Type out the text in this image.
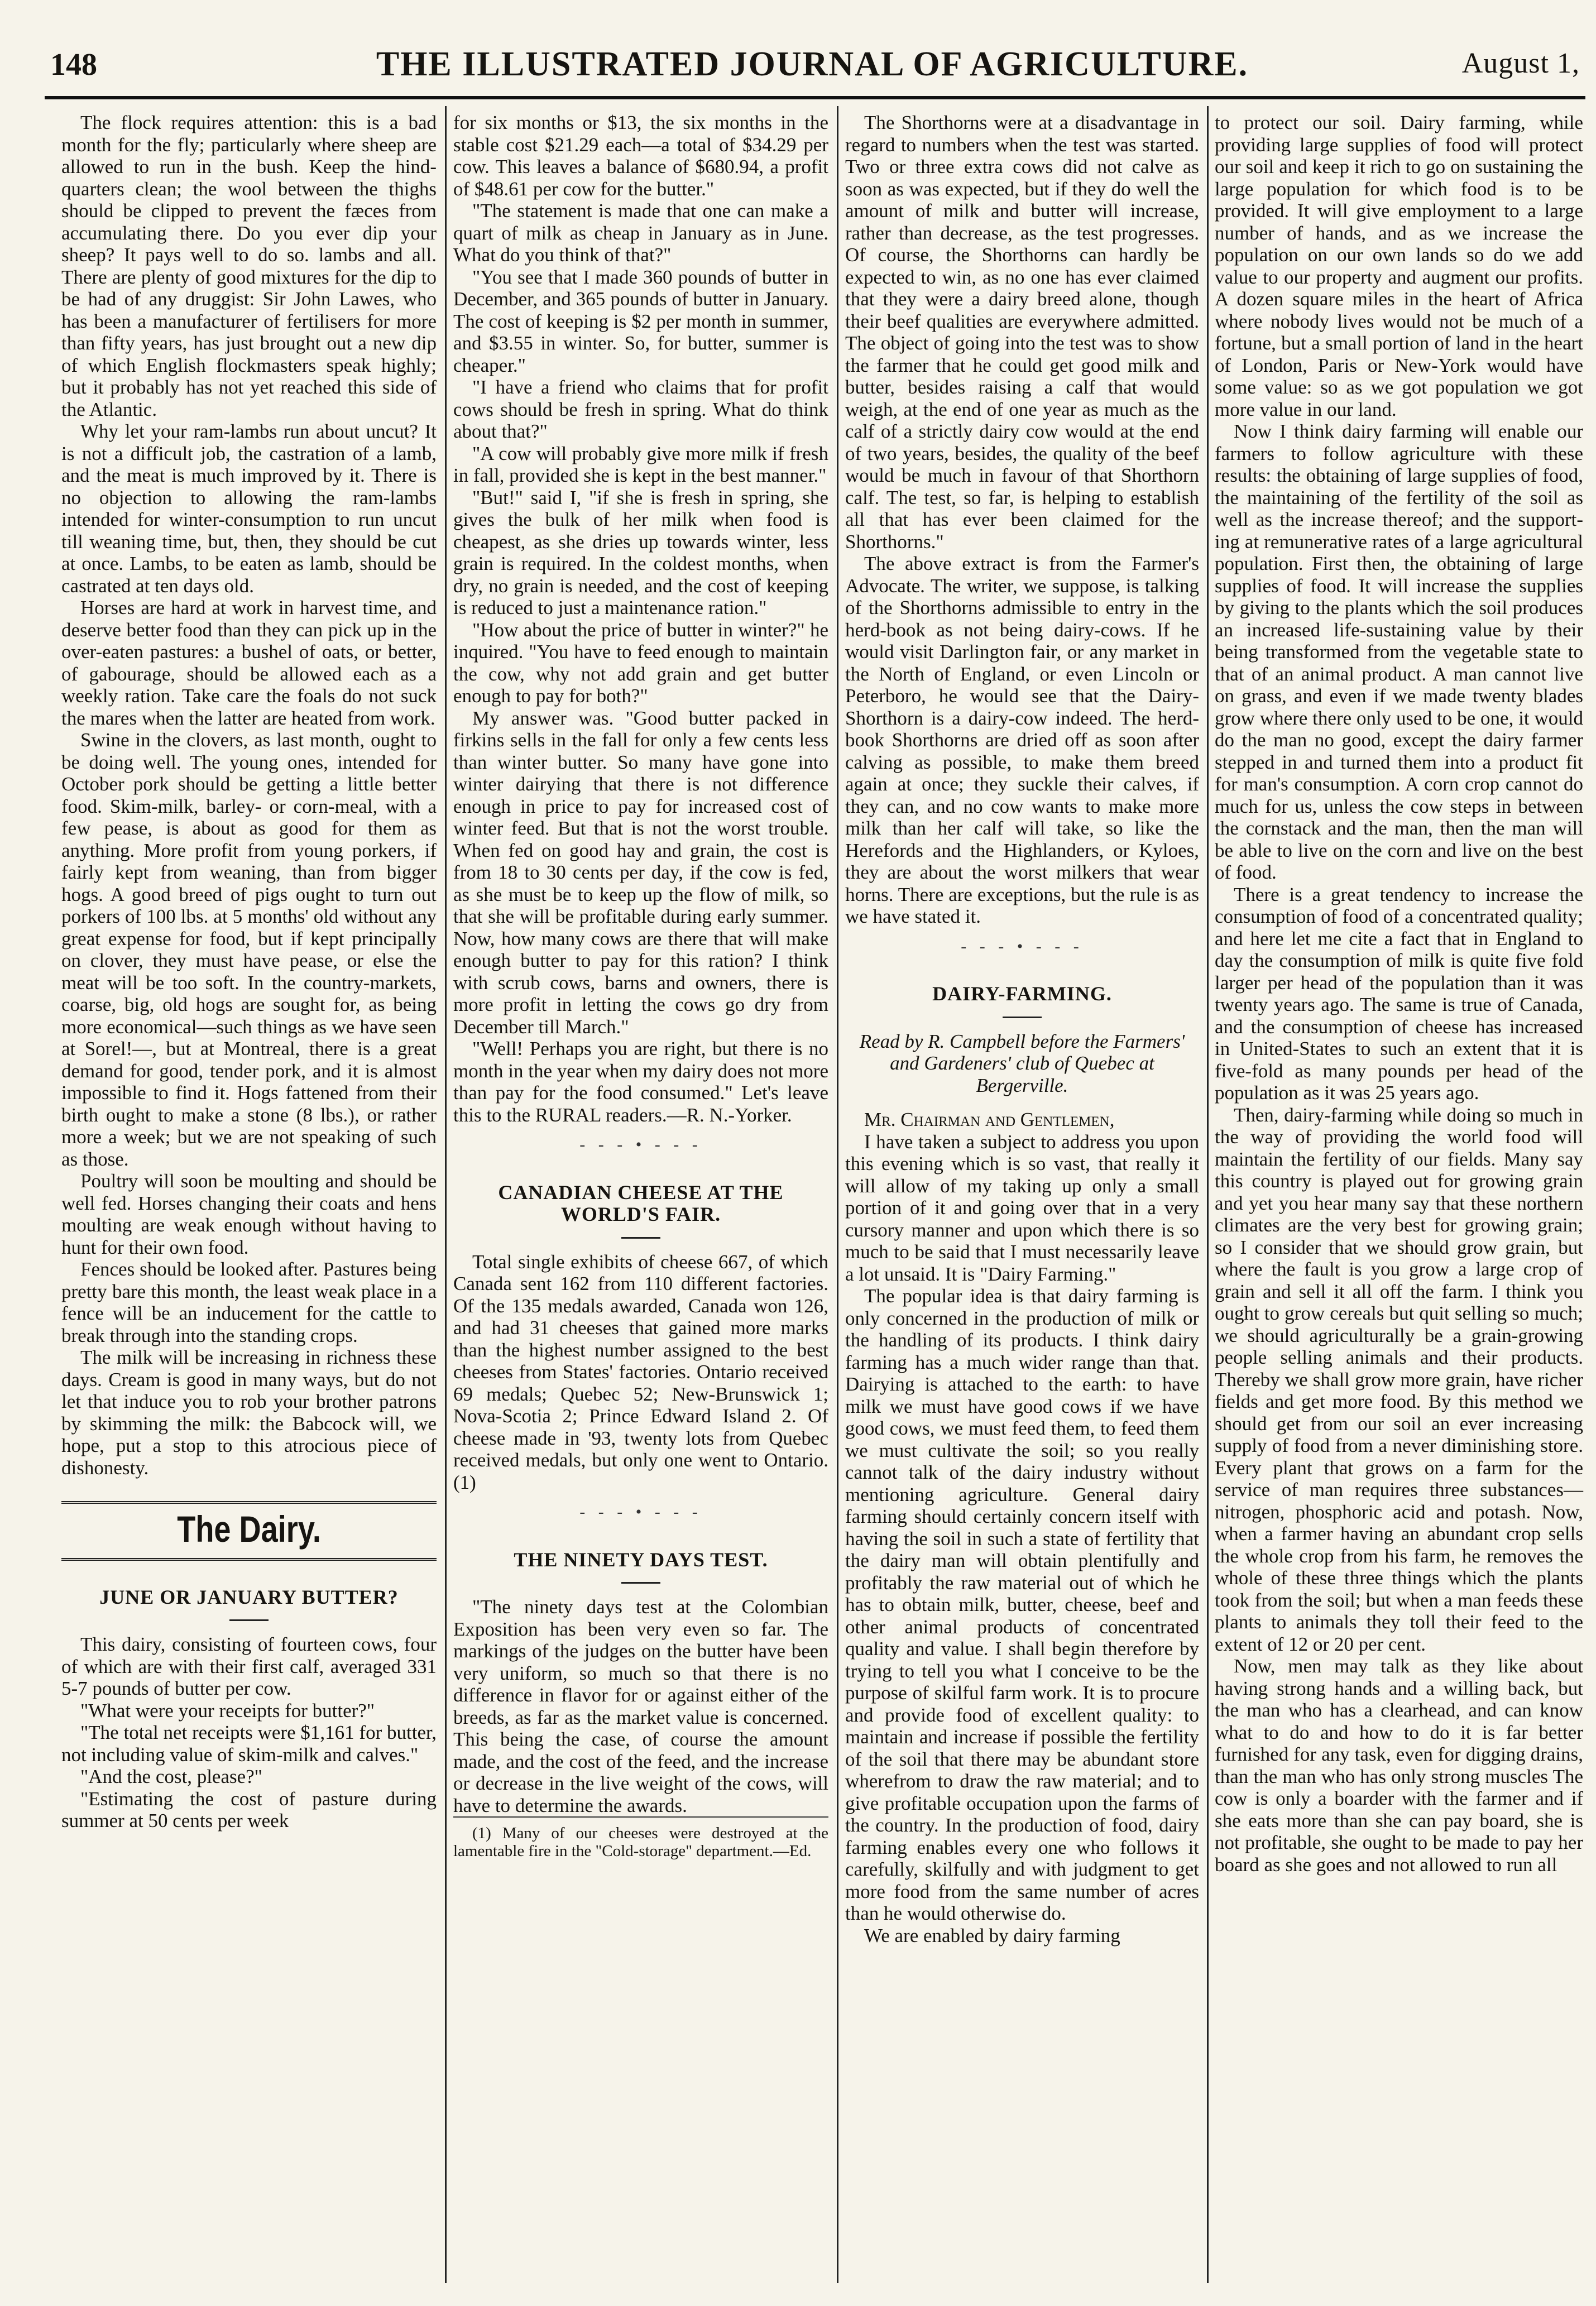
148	THE ILLUSTRATED JOURNAL OF AGRICULTURE.	August 1,

The flock requires attention: this is a bad month for the fly; particularly where sheep are allowed to run in the bush. Keep the hind-quarters clean; the wool between the thighs should be clipped to prevent the fæces from accumulating there. Do you ever dip your sheep? It pays well to do so. lambs and all. There are plenty of good mixtures for the dip to be had of any druggist: Sir John Lawes, who has been a manufacturer of fertilisers for more than fifty years, has just brought out a new dip of which English flockmasters speak highly; but it probably has not yet reached this side of the Atlantic.

Why let your ram-lambs run about uncut? It is not a difficult job, the castration of a lamb, and the meat is much improved by it. There is no objection to allowing the ram-lambs intended for winter-consumption to run uncut till weaning time, but, then, they should be cut at once. Lambs, to be eaten as lamb, should be castrated at ten days old.

Horses are hard at work in harvest time, and deserve better food than they can pick up in the over-eaten pastures: a bushel of oats, or better, of gabourage, should be allowed each as a weekly ration. Take care the foals do not suck the mares when the latter are heated from work.

Swine in the clovers, as last month, ought to be doing well. The young ones, intended for October pork should be getting a little better food. Skim-milk, barley- or corn-meal, with a few pease, is about as good for them as anything. More profit from young porkers, if fairly kept from weaning, than from bigger hogs. A good breed of pigs ought to turn out porkers of 100 lbs. at 5 months' old without any great expense for food, but if kept principally on clover, they must have pease, or else the meat will be too soft. In the country-markets, coarse, big, old hogs are sought for, as being more economical—such things as we have seen at Sorel!—, but at Montreal, there is a great demand for good, tender pork, and it is almost impossible to find it. Hogs fattened from their birth ought to make a stone (8 lbs.), or rather more a week; but we are not speaking of such as those.

Poultry will soon be moulting and should be well fed. Horses changing their coats and hens moulting are weak enough without having to hunt for their own food.

Fences should be looked after. Pastures being pretty bare this month, the least weak place in a fence will be an inducement for the cattle to break through into the standing crops.

The milk will be increasing in richness these days. Cream is good in many ways, but do not let that induce you to rob your brother patrons by skimming the milk: the Babcock will, we hope, put a stop to this atrocious piece of dishonesty.

The Dairy.
JUNE OR JANUARY BUTTER?

This dairy, consisting of fourteen cows, four of which are with their first calf, averaged 331 5-7 pounds of butter per cow.

"What were your receipts for butter?"

"The total net receipts were $1,161 for butter, not including value of skim-milk and calves."

"And the cost, please?"

"Estimating the cost of pasture during summer at 50 cents per week

for six months or $13, the six months in the stable cost $21.29 each—a total of $34.29 per cow. This leaves a balance of $680.94, a profit of $48.61 per cow for the butter."

"The statement is made that one can make a quart of milk as cheap in January as in June. What do you think of that?"

"You see that I made 360 pounds of butter in December, and 365 pounds of butter in January. The cost of keeping is $2 per month in summer, and $3.55 in winter. So, for butter, summer is cheaper."

"I have a friend who claims that for profit cows should be fresh in spring. What do think about that?"

"A cow will probably give more milk if fresh in fall, provided she is kept in the best manner."

"But!" said I, "if she is fresh in spring, she gives the bulk of her milk when food is cheapest, as she dries up towards winter, less grain is required. In the coldest months, when dry, no grain is needed, and the cost of keeping is reduced to just a maintenance ration."

"How about the price of butter in winter?" he inquired. "You have to feed enough to maintain the cow, why not add grain and get butter enough to pay for both?"

My answer was. "Good butter packed in firkins sells in the fall for only a few cents less than winter butter. So many have gone into winter dairying that there is not difference enough in price to pay for increased cost of winter feed. But that is not the worst trouble. When fed on good hay and grain, the cost is from 18 to 30 cents per day, if the cow is fed, as she must be to keep up the flow of milk, so that she will be profitable during early summer. Now, how many cows are there that will make enough butter to pay for this ration? I think with scrub cows, barns and owners, there is more profit in letting the cows go dry from December till March."

"Well! Perhaps you are right, but there is no month in the year when my dairy does not more than pay for the food consumed." Let's leave this to the RURAL readers.—R. N.-Yorker.

- - - • - - -
CANADIAN CHEESE AT THE WORLD'S FAIR.

Total single exhibits of cheese 667, of which Canada sent 162 from 110 different factories. Of the 135 medals awarded, Canada won 126, and had 31 cheeses that gained more marks than the highest number assigned to the best cheeses from States' factories. Ontario received 69 medals; Quebec 52; New-Brunswick 1; Nova-Scotia 2; Prince Edward Island 2. Of cheese made in '93, twenty lots from Quebec received medals, but only one went to Ontario. (1)

- - - • - - -
THE NINETY DAYS TEST.

"The ninety days test at the Colombian Exposition has been very even so far. The markings of the judges on the butter have been very uniform, so much so that there is no difference in flavor for or against either of the breeds, as far as the market value is concerned. This being the case, of course the amount made, and the cost of the feed, and the increase or decrease in the live weight of the cows, will have to determine the awards.

(1) Many of our cheeses were destroyed at the lamentable fire in the "Cold-storage" department.—Ed.

The Shorthorns were at a disadvantage in regard to numbers when the test was started. Two or three extra cows did not calve as soon as was expected, but if they do well the amount of milk and butter will increase, rather than decrease, as the test progresses. Of course, the Shorthorns can hardly be expected to win, as no one has ever claimed that they were a dairy breed alone, though their beef qualities are everywhere admitted. The object of going into the test was to show the farmer that he could get good milk and butter, besides raising a calf that would weigh, at the end of one year as much as the calf of a strictly dairy cow would at the end of two years, besides, the quality of the beef would be much in favour of that Shorthorn calf. The test, so far, is helping to establish all that has ever been claimed for the Shorthorns."

The above extract is from the Farmer's Advocate. The writer, we suppose, is talking of the Shorthorns admissible to entry in the herd-book as not being dairy-cows. If he would visit Darlington fair, or any market in the North of England, or even Lincoln or Peterboro, he would see that the Dairy-Shorthorn is a dairy-cow indeed. The herd-book Shorthorns are dried off as soon after calving as possible, to make them breed again at once; they suckle their calves, if they can, and no cow wants to make more milk than her calf will take, so like the Herefords and the Highlanders, or Kyloes, they are about the worst milkers that wear horns. There are exceptions, but the rule is as we have stated it.

- - - • - - -
DAIRY-FARMING.
Read by R. Campbell before the Farmers' and Gardeners' club of Quebec at Bergerville.

Mr. Chairman and Gentlemen,

I have taken a subject to address you upon this evening which is so vast, that really it will allow of my taking up only a small portion of it and going over that in a very cursory manner and upon which there is so much to be said that I must necessarily leave a lot unsaid. It is "Dairy Farming."

The popular idea is that dairy farming is only concerned in the production of milk or the handling of its products. I think dairy farming has a much wider range than that. Dairying is attached to the earth: to have milk we must have good cows if we have good cows, we must feed them, to feed them we must cultivate the soil; so you really cannot talk of the dairy industry without mentioning agriculture. General dairy farming should certainly concern itself with having the soil in such a state of fertility that the dairy man will obtain plentifully and profitably the raw material out of which he has to obtain milk, butter, cheese, beef and other animal products of concentrated quality and value. I shall begin therefore by trying to tell you what I conceive to be the purpose of skilful farm work. It is to procure and provide food of excellent quality: to maintain and increase if possible the fertility of the soil that there may be abundant store wherefrom to draw the raw material; and to give profitable occupation upon the farms of the country. In the production of food, dairy farming enables every one who follows it carefully, skilfully and with judgment to get more food from the same number of acres than he would otherwise do.

We are enabled by dairy farming

to protect our soil. Dairy farming, while providing large supplies of food will protect our soil and keep it rich to go on sustaining the large population for which food is to be provided. It will give employment to a large number of hands, and as we increase the population on our own lands so do we add value to our property and augment our profits. A dozen square miles in the heart of Africa where nobody lives would not be much of a fortune, but a small portion of land in the heart of London, Paris or New-York would have some value: so as we got population we got more value in our land.

Now I think dairy farming will enable our farmers to follow agriculture with these results: the obtaining of large supplies of food, the maintaining of the fertility of the soil as well as the increase thereof; and the support-ing at remunerative rates of a large agricultural population. First then, the obtaining of large supplies of food. It will increase the supplies by giving to the plants which the soil produces an increased life-sustaining value by their being transformed from the vegetable state to that of an animal product. A man cannot live on grass, and even if we made twenty blades grow where there only used to be one, it would do the man no good, except the dairy farmer stepped in and turned them into a product fit for man's consumption. A corn crop cannot do much for us, unless the cow steps in between the cornstack and the man, then the man will be able to live on the corn and live on the best of food.

There is a great tendency to increase the consumption of food of a concentrated quality; and here let me cite a fact that in England to day the consumption of milk is quite five fold larger per head of the population than it was twenty years ago. The same is true of Canada, and the consumption of cheese has increased in United-States to such an extent that it is five-fold as many pounds per head of the population as it was 25 years ago.

Then, dairy-farming while doing so much in the way of providing the world food will maintain the fertility of our fields. Many say this country is played out for growing grain and yet you hear many say that these northern climates are the very best for growing grain; so I consider that we should grow grain, but where the fault is you grow a large crop of grain and sell it all off the farm. I think you ought to grow cereals but quit selling so much; we should agriculturally be a grain-growing people selling animals and their products. Thereby we shall grow more grain, have richer fields and get more food. By this method we should get from our soil an ever increasing supply of food from a never diminishing store. Every plant that grows on a farm for the service of man requires three substances—nitrogen, phosphoric acid and potash. Now, when a farmer having an abundant crop sells the whole crop from his farm, he removes the whole of these three things which the plants took from the soil; but when a man feeds these plants to animals they toll their feed to the extent of 12 or 20 per cent.

Now, men may talk as they like about having strong hands and a willing back, but the man who has a clearhead, and can know what to do and how to do it is far better furnished for any task, even for digging drains, than the man who has only strong muscles The cow is only a boarder with the farmer and if she eats more than she can pay board, she is not profitable, she ought to be made to pay her board as she goes and not allowed to run all
